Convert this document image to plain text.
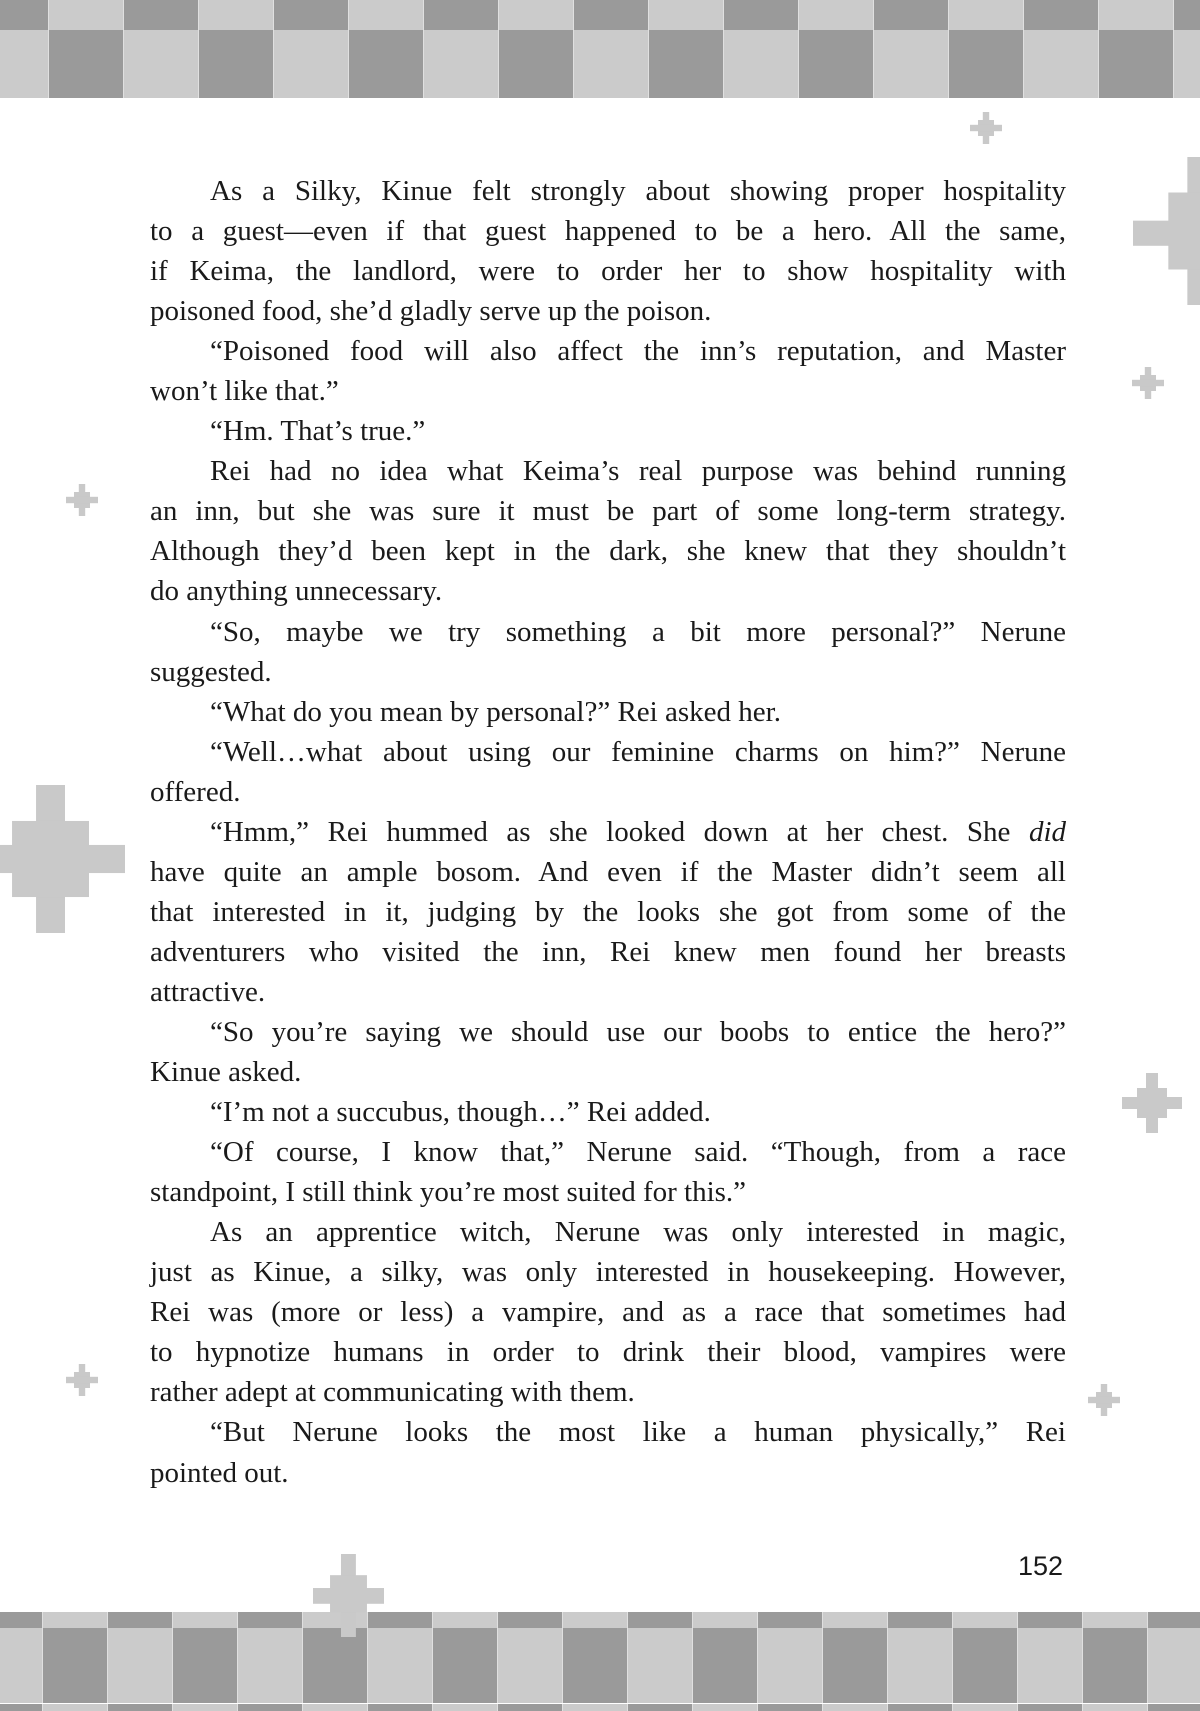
As a Silky, Kinue felt strongly about showing proper hospitality
to a guest—even if that guest happened to be a hero. All the same,
if Keima, the landlord, were to order her to show hospitality with
poisoned food, she’d gladly serve up the poison.
“Poisoned food will also affect the inn’s reputation, and Master
won’t like that.”
“Hm. That’s true.”
Rei had no idea what Keima’s real purpose was behind running
an inn, but she was sure it must be part of some long-term strategy.
Although they’d been kept in the dark, she knew that they shouldn’t
do anything unnecessary.
“So, maybe we try something a bit more personal?” Nerune
suggested.
“What do you mean by personal?” Rei asked her.
“Well…what about using our feminine charms on him?” Nerune
offered.
“Hmm,” Rei hummed as she looked down at her chest. She did
have quite an ample bosom. And even if the Master didn’t seem all
that interested in it, judging by the looks she got from some of the
adventurers who visited the inn, Rei knew men found her breasts
attractive.
“So you’re saying we should use our boobs to entice the hero?”
Kinue asked.
“I’m not a succubus, though…” Rei added.
“Of course, I know that,” Nerune said. “Though, from a race
standpoint, I still think you’re most suited for this.”
As an apprentice witch, Nerune was only interested in magic,
just as Kinue, a silky, was only interested in housekeeping. However,
Rei was (more or less) a vampire, and as a race that sometimes had
to hypnotize humans in order to drink their blood, vampires were
rather adept at communicating with them.
“But Nerune looks the most like a human physically,” Rei
pointed out.
152
